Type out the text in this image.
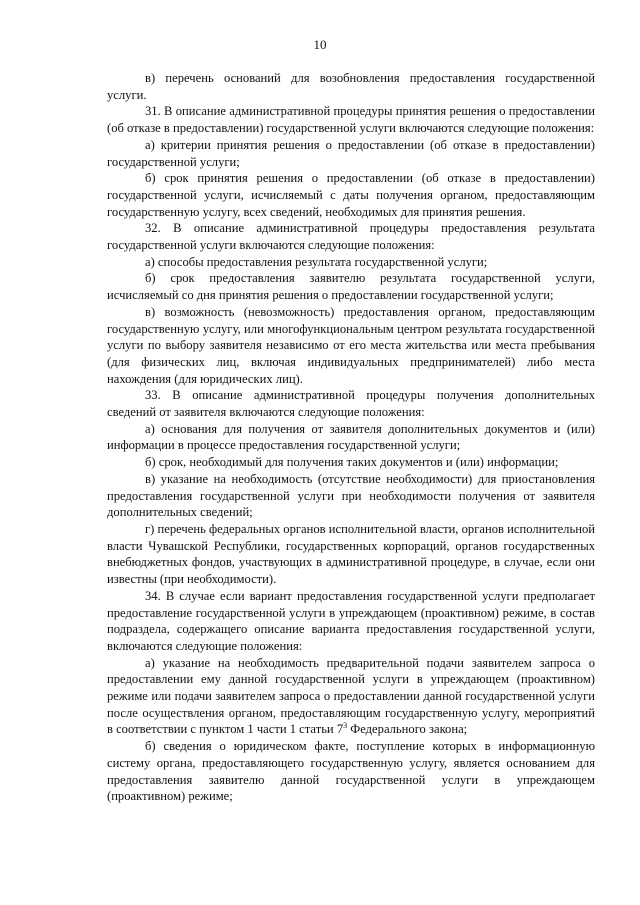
10

в) перечень оснований для возобновления предоставления государственной услуги.

31. В описание административной процедуры принятия решения о предоставлении (об отказе в предоставлении) государственной услуги включаются следующие положения:

а) критерии принятия решения о предоставлении (об отказе в предоставлении) государственной услуги;

б) срок принятия решения о предоставлении (об отказе в предоставлении) государственной услуги, исчисляемый с даты получения органом, предоставляющим государственную услугу, всех сведений, необходимых для принятия решения.

32. В описание административной процедуры предоставления результата государственной услуги включаются следующие положения:

а) способы предоставления результата государственной услуги;

б) срок предоставления заявителю результата государственной услуги, исчисляемый со дня принятия решения о предоставлении государственной услуги;

в) возможность (невозможность) предоставления органом, предоставляющим государственную услугу, или многофункциональным центром результата государственной услуги по выбору заявителя независимо от его места жительства или места пребывания (для физических лиц, включая индивидуальных предпринимателей) либо места нахождения (для юридических лиц).

33. В описание административной процедуры получения дополнительных сведений от заявителя включаются следующие положения:

а) основания для получения от заявителя дополнительных документов и (или) информации в процессе предоставления государственной услуги;

б) срок, необходимый для получения таких документов и (или) информации;

в) указание на необходимость (отсутствие необходимости) для приостановления предоставления государственной услуги при необходимости получения от заявителя дополнительных сведений;

г) перечень федеральных органов исполнительной власти, органов исполнительной власти Чувашской Республики, государственных корпораций, органов государственных внебюджетных фондов, участвующих в административной процедуре, в случае, если они известны (при необходимости).

34. В случае если вариант предоставления государственной услуги предполагает предоставление государственной услуги в упреждающем (проактивном) режиме, в состав подраздела, содержащего описание варианта предоставления государственной услуги, включаются следующие положения:

а) указание на необходимость предварительной подачи заявителем запроса о предоставлении ему данной государственной услуги в упреждающем (проактивном) режиме или подачи заявителем запроса о предоставлении данной государственной услуги после осуществления органом, предоставляющим государственную услугу, мероприятий в соответствии с пунктом 1 части 1 статьи $7^3$ Федерального закона;

б) сведения о юридическом факте, поступление которых в информационную систему органа, предоставляющего государственную услугу, является основанием для предоставления заявителю данной государственной услуги в упреждающем (проактивном) режиме;
